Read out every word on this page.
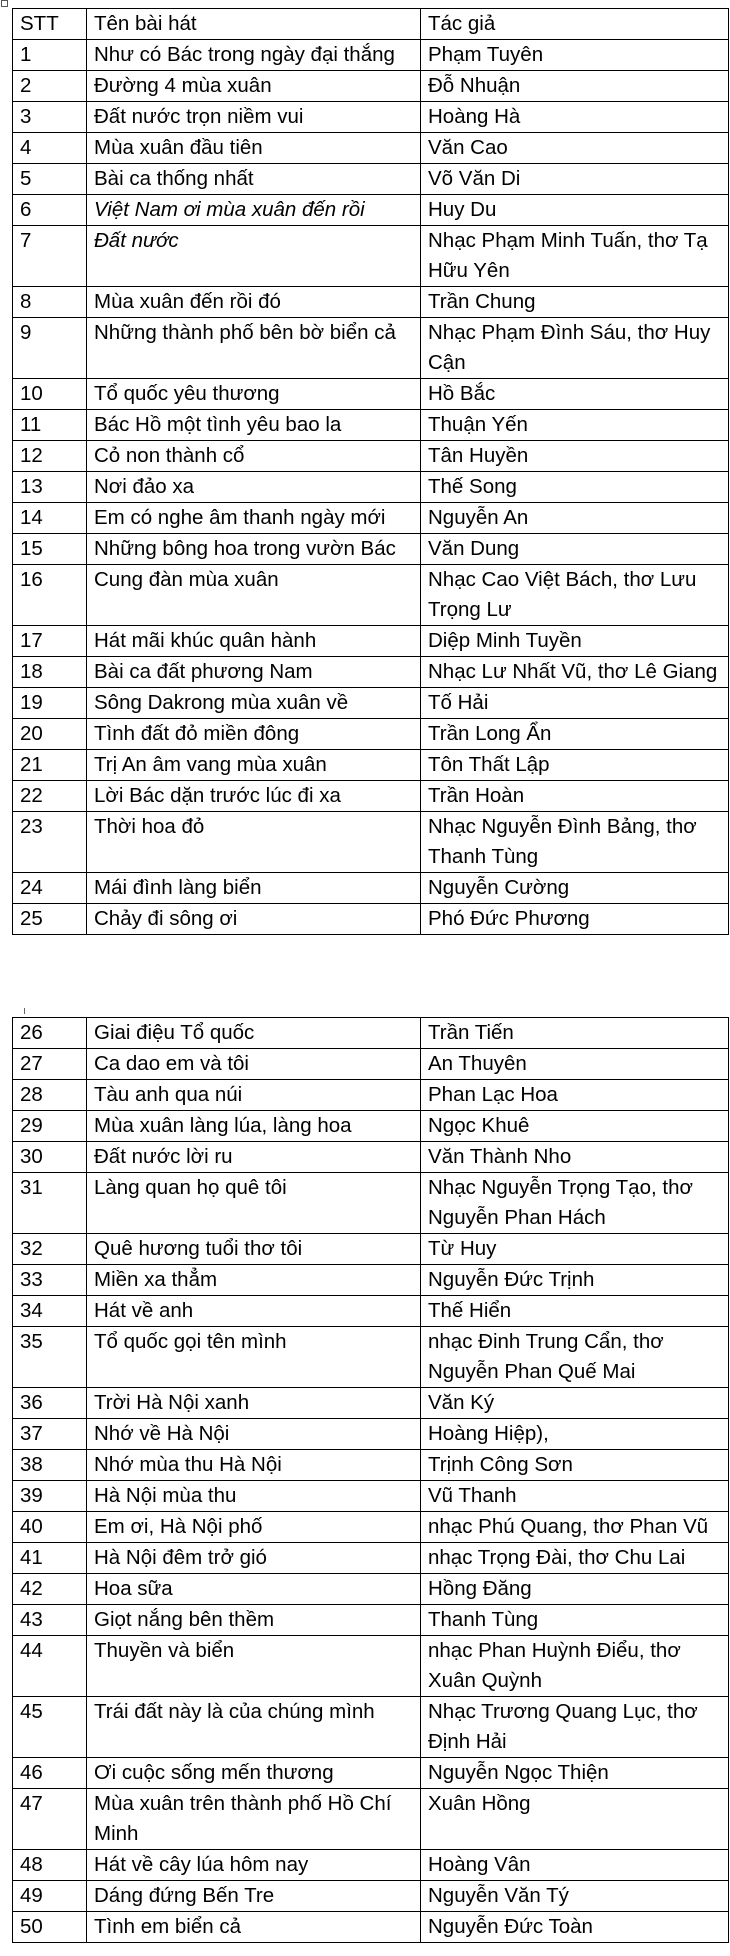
STT	Tên bài hát	Tác giả
1	Như có Bác trong ngày đại thắng	Phạm Tuyên
2	Đường 4 mùa xuân	Đỗ Nhuận
3	Đất nước trọn niềm vui	Hoàng Hà
4	Mùa xuân đầu tiên	Văn Cao
5	Bài ca thống nhất	Võ Văn Di
6	Việt Nam ơi mùa xuân đến rồi	Huy Du
7	Đất nước	Nhạc Phạm Minh Tuấn, thơ Tạ Hữu Yên
8	Mùa xuân đến rồi đó	Trần Chung
9	Những thành phố bên bờ biển cả	Nhạc Phạm Đình Sáu, thơ Huy Cận
10	Tổ quốc yêu thương	Hồ Bắc
11	Bác Hồ một tình yêu bao la	Thuận Yến
12	Cỏ non thành cổ	Tân Huyền
13	Nơi đảo xa	Thế Song
14	Em có nghe âm thanh ngày mới	Nguyễn An
15	Những bông hoa trong vườn Bác	Văn Dung
16	Cung đàn mùa xuân	Nhạc Cao Việt Bách, thơ Lưu Trọng Lư
17	Hát mãi khúc quân hành	Diệp Minh Tuyền
18	Bài ca đất phương Nam	Nhạc Lư Nhất Vũ, thơ Lê Giang
19	Sông Dakrong mùa xuân về	Tố Hải
20	Tình đất đỏ miền đông	Trần Long Ẩn
21	Trị An âm vang mùa xuân	Tôn Thất Lập
22	Lời Bác dặn trước lúc đi xa	Trần Hoàn
23	Thời hoa đỏ	Nhạc Nguyễn Đình Bảng, thơ Thanh Tùng
24	Mái đình làng biển	Nguyễn Cường
25	Chảy đi sông ơi	Phó Đức Phương
26	Giai điệu Tổ quốc	Trần Tiến
27	Ca dao em và tôi	An Thuyên
28	Tàu anh qua núi	Phan Lạc Hoa
29	Mùa xuân làng lúa, làng hoa	Ngọc Khuê
30	Đất nước lời ru	Văn Thành Nho
31	Làng quan họ quê tôi	Nhạc Nguyễn Trọng Tạo, thơ Nguyễn Phan Hách
32	Quê hương tuổi thơ tôi	Từ Huy
33	Miền xa thẳm	Nguyễn Đức Trịnh
34	Hát về anh	Thế Hiển
35	Tổ quốc gọi tên mình	nhạc Đinh Trung Cẩn, thơ Nguyễn Phan Quế Mai
36	Trời Hà Nội xanh	Văn Ký
37	Nhớ về Hà Nội	Hoàng Hiệp),
38	Nhớ mùa thu Hà Nội	Trịnh Công Sơn
39	Hà Nội mùa thu	Vũ Thanh
40	Em ơi, Hà Nội phố	nhạc Phú Quang, thơ Phan Vũ
41	Hà Nội đêm trở gió	nhạc Trọng Đài, thơ Chu Lai
42	Hoa sữa	Hồng Đăng
43	Giọt nắng bên thềm	Thanh Tùng
44	Thuyền và biển	nhạc Phan Huỳnh Điểu, thơ Xuân Quỳnh
45	Trái đất này là của chúng mình	Nhạc Trương Quang Lục, thơ Định Hải
46	Ơi cuộc sống mến thương	Nguyễn Ngọc Thiện
47	Mùa xuân trên thành phố Hồ Chí Minh	Xuân Hồng
48	Hát về cây lúa hôm nay	Hoàng Vân
49	Dáng đứng Bến Tre	Nguyễn Văn Tý
50	Tình em biển cả	Nguyễn Đức Toàn
